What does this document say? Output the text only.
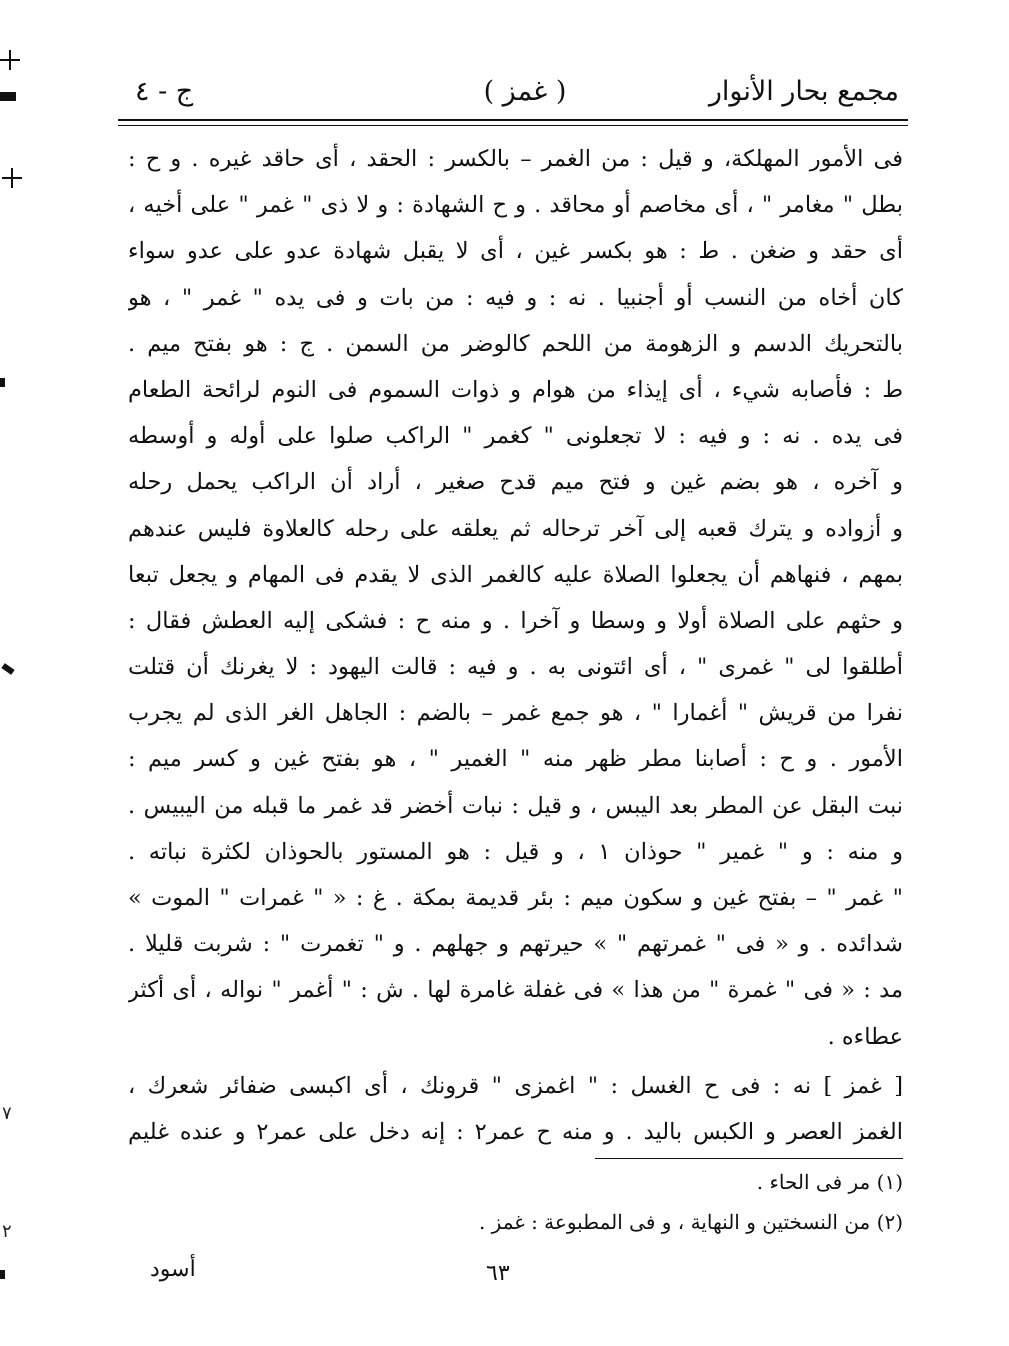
مجمع بحار الأنوار
( غمز )
ج - ٤
فى الأمور المهلكة، و قيل : من الغمر – بالكسر : الحقد ، أى حاقد غيره . و ح :
بطل " مغامر " ، أى مخاصم أو محاقد . و ح الشهادة : و لا ذى " غمر " على أخيه ،
أى حقد و ضغن . ط : هو بكسر غين ، أى لا يقبل شهادة عدو على عدو سواء
كان أخاه من النسب أو أجنبيا . نه : و فيه : من بات و فى يده " غمر " ، هو
بالتحريك الدسم و الزهومة من اللحم كالوضر من السمن . ج : هو بفتح ميم .
ط : فأصابه شيء ، أى إيذاء من هوام و ذوات السموم فى النوم لرائحة الطعام
فى يده . نه : و فيه : لا تجعلونى " كغمر " الراكب صلوا على أوله و أوسطه
و آخره ، هو بضم غين و فتح ميم قدح صغير ، أراد أن الراكب يحمل رحله
و أزواده و يترك قعبه إلى آخر ترحاله ثم يعلقه على رحله كالعلاوة فليس عندهم
بمهم ، فنهاهم أن يجعلوا الصلاة عليه كالغمر الذى لا يقدم فى المهام و يجعل تبعا
و حثهم على الصلاة أولا و وسطا و آخرا . و منه ح : فشكى إليه العطش فقال :
أطلقوا لى " غمرى " ، أى ائتونى به . و فيه : قالت اليهود : لا يغرنك أن قتلت
نفرا من قريش " أغمارا " ، هو جمع غمر – بالضم : الجاهل الغر الذى لم يجرب
الأمور . و ح : أصابنا مطر ظهر منه " الغمير " ، هو بفتح غين و كسر ميم :
نبت البقل عن المطر بعد اليبس ، و قيل : نبات أخضر قد غمر ما قبله من اليبيس .
و منه : و " غمير " حوذان ١ ، و قيل : هو المستور بالحوذان لكثرة نباته .
" غمر " – بفتح غين و سكون ميم : بئر قديمة بمكة . غ : « " غمرات " الموت »
شدائده . و « فى " غمرتهم " » حيرتهم و جهلهم . و " تغمرت " : شربت قليلا .
مد : « فى " غمرة " من هذا » فى غفلة غامرة لها . ش : " أغمر " نواله ، أى أكثر
عطاءه .
[ غمز ] نه : فى ح الغسل : " اغمزى " قرونك ، أى اكبسى ضفائر شعرك ،
الغمز العصر و الكبس باليد . و منه ح عمر٢ : إنه دخل على عمر٢ و عنده غليم
(١) مر فى الحاء .
(٢) من النسختين و النهاية ، و فى المطبوعة : غمز .
أسود	٦٣
٧
٢
